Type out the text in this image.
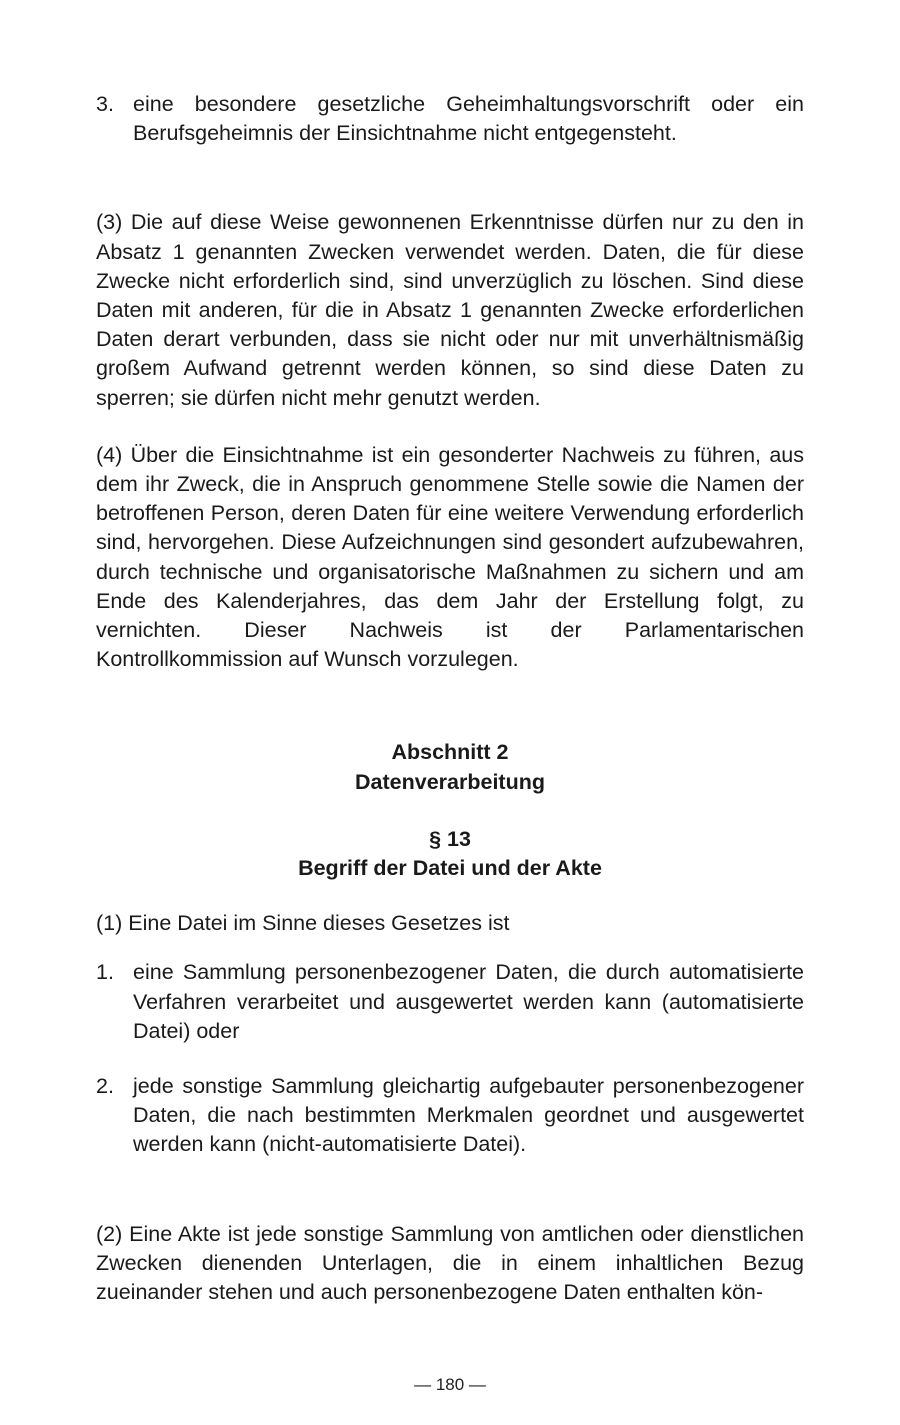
3. eine besondere gesetzliche Geheimhaltungsvorschrift oder ein Berufsgeheimnis der Einsichtnahme nicht entgegensteht.

(3) Die auf diese Weise gewonnenen Erkenntnisse dürfen nur zu den in Absatz 1 genannten Zwecken verwendet werden. Daten, die für diese Zwecke nicht erforderlich sind, sind unverzüglich zu löschen. Sind diese Daten mit anderen, für die in Absatz 1 genannten Zwecke erforderlichen Daten derart verbunden, dass sie nicht oder nur mit unverhältnismäßig großem Aufwand getrennt werden können, so sind diese Daten zu sperren; sie dürfen nicht mehr genutzt werden.

(4) Über die Einsichtnahme ist ein gesonderter Nachweis zu führen, aus dem ihr Zweck, die in Anspruch genommene Stelle sowie die Namen der betroffenen Person, deren Daten für eine weitere Verwendung erforderlich sind, hervorgehen. Diese Aufzeichnungen sind gesondert aufzubewahren, durch technische und organisatorische Maßnahmen zu sichern und am Ende des Kalenderjahres, das dem Jahr der Erstellung folgt, zu vernichten. Dieser Nachweis ist der Parlamentarischen Kontrollkommission auf Wunsch vorzulegen.

Abschnitt 2
Datenverarbeitung
§ 13
Begriff der Datei und der Akte

(1) Eine Datei im Sinne dieses Gesetzes ist

1. eine Sammlung personenbezogener Daten, die durch automatisierte Verfahren verarbeitet und ausgewertet werden kann (automatisierte Datei) oder
2. jede sonstige Sammlung gleichartig aufgebauter personenbezogener Daten, die nach bestimmten Merkmalen geordnet und ausgewertet werden kann (nicht-automatisierte Datei).

(2) Eine Akte ist jede sonstige Sammlung von amtlichen oder dienstlichen Zwecken dienenden Unterlagen, die in einem inhaltlichen Bezug zueinander stehen und auch personenbezogene Daten enthalten kön-

— 180 —
